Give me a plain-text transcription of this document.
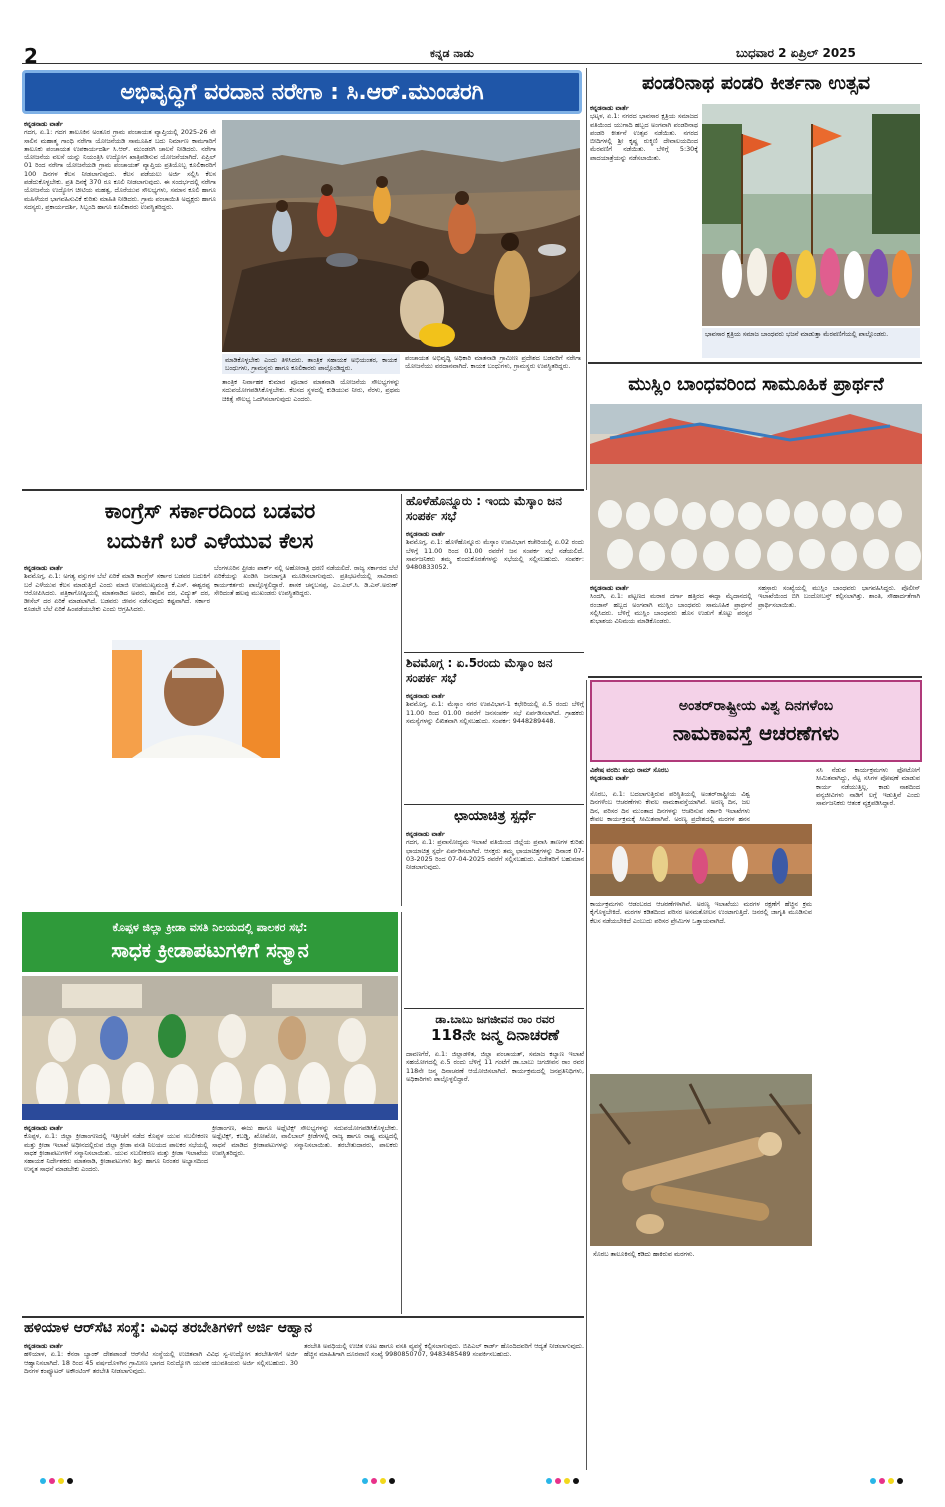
2	ಕನ್ನಡ ನಾಡು	ಬುಧವಾರ 2 ಏಪ್ರಿಲ್ 2025
ಅಭಿವೃದ್ಧಿಗೆ ವರದಾನ ನರೇಗಾ : ಸಿ.ಆರ್.ಮುಂಡರಗಿ
ಕನ್ನಡನಾಡು ವಾರ್ತೆ
ಗದಗ, ಏ.1: ಗದಗ ತಾಲೂಕಿನ ಅಂತೂರ ಗ್ರಾಮ ಪಂಚಾಯತ ವ್ಯಾಪ್ತಿಯಲ್ಲಿ 2025-26 ನೇ ಸಾಲಿನ ಮಹಾತ್ಮ ಗಾಂಧಿ ನರೇಗಾ ಯೋಜನೆಯಡಿ ಸಾಮೂಹಿಕ ಬದು ನಿರ್ಮಾಣ ಕಾಮಗಾರಿಗೆ ತಾಲೂಕು ಪಂಚಾಯತ ಉಪಕಾರ್ಯದರ್ಶಿ ಸಿ.ಆರ್. ಮುಂಡರಗಿ ಚಾಲನೆ ನೀಡಿದರು. ನರೇಗಾ ಯೋಜನೆಯ ವಲಸೆ ಯನ್ನು ನಿಯಂತ್ರಿಸಿ ಉದ್ಯೋಗ ಖಾತ್ರಿಪಡಿಸುವ ಯೋಜನೆಯಾಗಿದೆ. ಏಪ್ರಿಲ್ 01 ರಿಂದ ನರೇಗಾ ಯೋಜನೆಯಡಿ ಗ್ರಾಮ ಪಂಚಾಯತ್ ವ್ಯಾಪ್ತಿಯ ಪ್ರತಿಯೊಬ್ಬ ಕೂಲಿಕಾರರಿಗೆ 100 ದಿನಗಳ ಕೆಲಸ ನೀಡಲಾಗುವುದು. ಕೆಲಸ ಪಡೆಯಲು ಅರ್ಜಿ ಸಲ್ಲಿಸಿ ಕೆಲಸ ಪಡೆದುಕೊಳ್ಳಬೇಕು. ಪ್ರತಿ ದಿನಕ್ಕೆ 370 ರೂ ಕೂಲಿ ನೀಡಲಾಗುವುದು. ಈ ಸಂದರ್ಭದಲ್ಲಿ ನರೇಗಾ ಯೋಜನೆಯ ಉದ್ಯೋಗ ಚೀಟಿಯ ಮಹತ್ವ, ದೊರೆಯುವ ಸೌಲಭ್ಯಗಳು, ಸಮಾನ ಕೂಲಿ ಹಾಗೂ ಮಹಿಳೆಯರ ಭಾಗವಹಿಸುವಿಕೆ ಕುರಿತು ಮಾಹಿತಿ ನೀಡಿದರು. ಗ್ರಾಮ ಪಂಚಾಯಿತಿ ಅಧ್ಯಕ್ಷರು ಹಾಗೂ ಸದಸ್ಯರು, ಪ್ರಕಾರ್ಯದರ್ಶಿ, ಸಿಬ್ಬಂದಿ ಹಾಗೂ ಕೂಲಿಕಾರರು ಉಪಸ್ಥಿತರಿದ್ದರು.
ಮಾಡಿಕೊಳ್ಳಬೇಕು ಎಂದು ತಿಳಿಸಿದರು. ತಾಂತ್ರಿಕ ಸಹಾಯಕ ಅಭಿಯಂತರ, ಕಾಯಕ ಬಂಧುಗಳು, ಗ್ರಾಮಸ್ಥರು ಹಾಗೂ ಕೂಲಿಕಾರರು ಪಾಲ್ಗೊಂಡಿದ್ದರು.
ತಾಂತ್ರಿಕ ನಿರ್ವಾಹಕ ಕುಮಾರ ಪೂಜಾರ ಮಾತನಾಡಿ ಯೋಜನೆಯ ಸೌಲಭ್ಯಗಳನ್ನು ಸದುಪಯೋಗಪಡಿಸಿಕೊಳ್ಳಬೇಕು. ಕೆಲಸದ ಸ್ಥಳದಲ್ಲಿ ಕುಡಿಯುವ ನೀರು, ನೆರಳು, ಪ್ರಥಮ ಚಿಕಿತ್ಸೆ ಸೌಲಭ್ಯ ಒದಗಿಸಲಾಗುವುದು ಎಂದರು.
ಪಂಚಾಯತ ಅಭಿವೃದ್ಧಿ ಅಧಿಕಾರಿ ಮಾತನಾಡಿ ಗ್ರಾಮೀಣ ಪ್ರದೇಶದ ಬಡವರಿಗೆ ನರೇಗಾ ಯೋಜನೆಯು ವರದಾನವಾಗಿದೆ. ಕಾಯಕ ಬಂಧುಗಳು, ಗ್ರಾಮಸ್ಥರು ಉಪಸ್ಥಿತರಿದ್ದರು.
ಪಂಡರಿನಾಥ ಪಂಡರಿ ಕೀರ್ತನಾ ಉತ್ಸವ
ಕನ್ನಡನಾಡು ವಾರ್ತೆ
ಭಟ್ಕಳ, ಏ.1: ನಗರದ ಭಾವಸಾರ ಕ್ಷತ್ರಿಯ ಸಮಾಜದ ವತಿಯಿಂದ ಯುಗಾದಿ ಹಬ್ಬದ ಅಂಗವಾಗಿ ಪಂಡರಿನಾಥ ಪಂಡರಿ ಕೀರ್ತನೆ ಉತ್ಸವ ನಡೆಯಿತು. ನಗರದ ಬೀದಿಗಳಲ್ಲಿ ಶ್ರೀ ಕೃಷ್ಣ ರುಕ್ಮಿಣಿ ದೇವಾಲಯದಿಂದ ಮೆರವಣಿಗೆ ನಡೆಯಿತು. ಬೆಳಿಗ್ಗೆ 5:30ಕ್ಕೆ ಪಾದಯಾತ್ರೆಯನ್ನು ನಡೆಸಲಾಯಿತು.
ಭಾವಸಾರ ಕ್ಷತ್ರಿಯ ಸಮಾಜ ಬಾಂಧವರು ಭಜನೆ ಮಾಡುತ್ತಾ ಮೆರವಣಿಗೆಯಲ್ಲಿ ಪಾಲ್ಗೊಂಡರು.
ಮುಸ್ಲಿಂ ಬಾಂಧವರಿಂದ ಸಾಮೂಹಿಕ ಪ್ರಾರ್ಥನೆ
ಕನ್ನಡನಾಡು ವಾರ್ತೆ
ಸಿಂದಗಿ, ಏ.1: ಪಟ್ಟಣದ ಮರಾಠ ದರ್ಗಾ ಹತ್ತಿರದ ಈದ್ಗಾ ಮೈದಾನದಲ್ಲಿ ರಂಜಾನ್ ಹಬ್ಬದ ಅಂಗವಾಗಿ ಮುಸ್ಲಿಂ ಬಾಂಧವರು ಸಾಮೂಹಿಕ ಪ್ರಾರ್ಥನೆ ಸಲ್ಲಿಸಿದರು. ಬೆಳಿಗ್ಗೆ ಮುಸ್ಲಿಂ ಬಾಂಧವರು ಹೊಸ ಉಡುಗೆ ತೊಟ್ಟು ಪರಸ್ಪರ ಶುಭಾಶಯ ವಿನಿಮಯ ಮಾಡಿಕೊಂಡರು.
ಸಹಸ್ರಾರು ಸಂಖ್ಯೆಯಲ್ಲಿ ಮುಸ್ಲಿಂ ಬಾಂಧವರು ಭಾಗವಹಿಸಿದ್ದರು. ಪೊಲೀಸ್ ಇಲಾಖೆಯಿಂದ ಬಿಗಿ ಬಂದೋಬಸ್ತ್ ಕಲ್ಪಿಸಲಾಗಿತ್ತು. ಶಾಂತಿ, ಸೌಹಾರ್ದತೆಗಾಗಿ ಪ್ರಾರ್ಥಿಸಲಾಯಿತು.
ಕಾಂಗ್ರೆಸ್ ಸರ್ಕಾರದಿಂದ ಬಡವರ
ಬದುಕಿಗೆ ಬರೆ ಎಳೆಯುವ ಕೆಲಸ
ಕನ್ನಡನಾಡು ವಾರ್ತೆ
ಶಿವಮೊಗ್ಗ, ಏ.1: ಅಗತ್ಯ ವಸ್ತುಗಳ ಬೆಲೆ ಏರಿಕೆ ಮಾಡಿ ಕಾಂಗ್ರೆಸ್ ಸರ್ಕಾರ ಬಡವರ ಬದುಕಿಗೆ ಬರೆ ಎಳೆಯುವ ಕೆಲಸ ಮಾಡುತ್ತಿದೆ ಎಂದು ಮಾಜಿ ಉಪಮುಖ್ಯಮಂತ್ರಿ ಕೆ.ಎಸ್. ಈಶ್ವರಪ್ಪ ಆರೋಪಿಸಿದರು. ಪತ್ರಿಕಾಗೋಷ್ಠಿಯಲ್ಲಿ ಮಾತನಾಡಿದ ಅವರು, ಹಾಲಿನ ದರ, ವಿದ್ಯುತ್ ದರ, ಡೀಸೆಲ್ ದರ ಏರಿಕೆ ಮಾಡಲಾಗಿದೆ. ಬಡವರು ಜೀವನ ನಡೆಸುವುದು ಕಷ್ಟವಾಗಿದೆ. ಸರ್ಕಾರ ಕೂಡಲೇ ಬೆಲೆ ಏರಿಕೆ ಹಿಂಪಡೆಯಬೇಕು ಎಂದು ಆಗ್ರಹಿಸಿದರು.
ಬೆಂಗಳೂರಿನ ಫ್ರೀಡಂ ಪಾರ್ಕ್ ನಲ್ಲಿ ಅಹೋರಾತ್ರಿ ಧರಣಿ ನಡೆಯಲಿದೆ. ರಾಜ್ಯ ಸರ್ಕಾರದ ಬೆಲೆ ಏರಿಕೆಯನ್ನು ಖಂಡಿಸಿ ಜನಜಾಗೃತಿ ಮೂಡಿಸಲಾಗುವುದು. ಪ್ರತಿಭಟನೆಯಲ್ಲಿ ಸಾವಿರಾರು ಕಾರ್ಯಕರ್ತರು ಪಾಲ್ಗೊಳ್ಳಲಿದ್ದಾರೆ. ಶಾಸಕ ಚನ್ನಬಸಪ್ಪ, ಎಂ.ಎಲ್.ಸಿ. ಡಿ.ಎಸ್.ಅರುಣ್ ಸೇರಿದಂತೆ ಹಲವು ಮುಖಂಡರು ಉಪಸ್ಥಿತರಿದ್ದರು.
ಹೊಳೆಹೊನ್ನೂರು : ಇಂದು ಮೆಸ್ಕಾಂ ಜನ ಸಂಪರ್ಕ ಸಭೆ
ಕನ್ನಡನಾಡು ವಾರ್ತೆ
ಶಿವಮೊಗ್ಗ, ಏ.1: ಹೊಳೆಹೊನ್ನೂರು ಮೆಸ್ಕಾಂ ಉಪವಿಭಾಗ ಕಚೇರಿಯಲ್ಲಿ ಏ.02 ರಂದು ಬೆಳಿಗ್ಗೆ 11.00 ರಿಂದ 01.00 ರವರೆಗೆ ಜನ ಸಂಪರ್ಕ ಸಭೆ ನಡೆಯಲಿದೆ. ಸಾರ್ವಜನಿಕರು ತಮ್ಮ ಕುಂದುಕೊರತೆಗಳನ್ನು ಸಭೆಯಲ್ಲಿ ಸಲ್ಲಿಸಬಹುದು. ಸಂಪರ್ಕ: 9480833052.
ಶಿವಮೊಗ್ಗ : ಏ.5ರಂದು ಮೆಸ್ಕಾಂ ಜನ ಸಂಪರ್ಕ ಸಭೆ
ಕನ್ನಡನಾಡು ವಾರ್ತೆ
ಶಿವಮೊಗ್ಗ, ಏ.1: ಮೆಸ್ಕಾಂ ನಗರ ಉಪವಿಭಾಗ-1 ಕಛೇರಿಯಲ್ಲಿ ಏ.5 ರಂದು ಬೆಳಿಗ್ಗೆ 11.00 ರಿಂದ 01.00 ರವರೆಗೆ ಜನಸಂಪರ್ಕ ಸಭೆ ಏರ್ಪಡಿಸಲಾಗಿದೆ. ಗ್ರಾಹಕರು ಸಮಸ್ಯೆಗಳನ್ನು ಲಿಖಿತವಾಗಿ ಸಲ್ಲಿಸಬಹುದು. ಸಂಪರ್ಕ: 9448289448.
ಛಾಯಾಚಿತ್ರ ಸ್ಪರ್ಧೆ
ಕನ್ನಡನಾಡು ವಾರ್ತೆ
ಗದಗ, ಏ.1: ಪ್ರವಾಸೋದ್ಯಮ ಇಲಾಖೆ ವತಿಯಿಂದ ಜಿಲ್ಲೆಯ ಪ್ರವಾಸಿ ತಾಣಗಳ ಕುರಿತು ಛಾಯಾಚಿತ್ರ ಸ್ಪರ್ಧೆ ಏರ್ಪಡಿಸಲಾಗಿದೆ. ಆಸಕ್ತರು ತಮ್ಮ ಛಾಯಾಚಿತ್ರಗಳನ್ನು ದಿನಾಂಕ 07-03-2025 ರಿಂದ 07-04-2025 ರವರೆಗೆ ಸಲ್ಲಿಸಬಹುದು. ವಿಜೇತರಿಗೆ ಬಹುಮಾನ ನೀಡಲಾಗುವುದು.
ಡಾ.ಬಾಬು ಜಗಜೀವನ ರಾಂ ರವರ
118ನೇ ಜನ್ಮ ದಿನಾಚರಣೆ
ದಾವಣಗೆರೆ, ಏ.1: ಜಿಲ್ಲಾಡಳಿತ, ಜಿಲ್ಲಾ ಪಂಚಾಯತ್, ಸಮಾಜ ಕಲ್ಯಾಣ ಇಲಾಖೆ ಸಹಯೋಗದಲ್ಲಿ ಏ.5 ರಂದು ಬೆಳಿಗ್ಗೆ 11 ಗಂಟೆಗೆ ಡಾ.ಬಾಬು ಜಗಜೀವನ ರಾಂ ರವರ 118ನೇ ಜನ್ಮ ದಿನಾಚರಣೆ ಆಯೋಜಿಸಲಾಗಿದೆ. ಕಾರ್ಯಕ್ರಮದಲ್ಲಿ ಜನಪ್ರತಿನಿಧಿಗಳು, ಅಧಿಕಾರಿಗಳು ಪಾಲ್ಗೊಳ್ಳಲಿದ್ದಾರೆ.
ಕೊಪ್ಪಳ ಜಿಲ್ಲಾ ಕ್ರೀಡಾ ವಸತಿ ನಿಲಯದಲ್ಲಿ ಪಾಲಕರ ಸಭೆ:
ಸಾಧಕ ಕ್ರೀಡಾಪಟುಗಳಿಗೆ ಸನ್ಮಾನ
ಕನ್ನಡನಾಡು ವಾರ್ತೆ
ಕೊಪ್ಪಳ, ಏ.1: ಜಿಲ್ಲಾ ಕ್ರೀಡಾಂಗಣದಲ್ಲಿ ಇತ್ತೀಚೆಗೆ ನಡೆದ ಕೊಪ್ಪಳ ಯುವ ಸಬಲೀಕರಣ ಮತ್ತು ಕ್ರೀಡಾ ಇಲಾಖೆ ಅಧೀನದಲ್ಲಿರುವ ಜಿಲ್ಲಾ ಕ್ರೀಡಾ ವಸತಿ ನಿಲಯದ ಪಾಲಕರ ಸಭೆಯಲ್ಲಿ ಸಾಧಕ ಕ್ರೀಡಾಪಟುಗಳಿಗೆ ಸನ್ಮಾನಿಸಲಾಯಿತು. ಯುವ ಸಬಲೀಕರಣ ಮತ್ತು ಕ್ರೀಡಾ ಇಲಾಖೆಯ ಸಹಾಯಕ ನಿರ್ದೇಶಕರು ಮಾತನಾಡಿ, ಕ್ರೀಡಾಪಟುಗಳು ಶಿಸ್ತು ಹಾಗೂ ನಿರಂತರ ಅಭ್ಯಾಸದಿಂದ ಉನ್ನತ ಸಾಧನೆ ಮಾಡಬೇಕು ಎಂದರು.
ಕ್ರೀಡಾಂಗಣ, ಈಜು ಹಾಗೂ ಅಥ್ಲೆಟಿಕ್ಸ್ ಸೌಲಭ್ಯಗಳನ್ನು ಸದುಪಯೋಗಪಡಿಸಿಕೊಳ್ಳಬೇಕು. ಅಥ್ಲೆಟಿಕ್ಸ್, ಕಬಡ್ಡಿ, ಖೋಖೋ, ವಾಲಿಬಾಲ್ ಕ್ರೀಡೆಗಳಲ್ಲಿ ರಾಜ್ಯ ಹಾಗೂ ರಾಷ್ಟ್ರ ಮಟ್ಟದಲ್ಲಿ ಸಾಧನೆ ಮಾಡಿದ ಕ್ರೀಡಾಪಟುಗಳನ್ನು ಸನ್ಮಾನಿಸಲಾಯಿತು. ತರಬೇತುದಾರರು, ಪಾಲಕರು ಉಪಸ್ಥಿತರಿದ್ದರು.
ಹಳಿಯಾಳ ಆರ್‌ಸೆಟಿ ಸಂಸ್ಥೆ: ವಿವಿಧ ತರಬೇತಿಗಳಿಗೆ ಅರ್ಜಿ ಆಹ್ವಾನ
ಕನ್ನಡನಾಡು ವಾರ್ತೆ
ಹಳಿಯಾಳ, ಏ.1: ಕೆನರಾ ಬ್ಯಾಂಕ್ ದೇಶಪಾಂಡೆ ಆರ್‌ಸೆಟಿ ಸಂಸ್ಥೆಯಲ್ಲಿ ಉಚಿತವಾಗಿ ವಿವಿಧ ಸ್ವ-ಉದ್ಯೋಗ ತರಬೇತಿಗಳಿಗೆ ಅರ್ಜಿ ಆಹ್ವಾನಿಸಲಾಗಿದೆ. 18 ರಿಂದ 45 ವರ್ಷದೊಳಗಿನ ಗ್ರಾಮೀಣ ಭಾಗದ ನಿರುದ್ಯೋಗಿ ಯುವಕ ಯುವತಿಯರು ಅರ್ಜಿ ಸಲ್ಲಿಸಬಹುದು. 30 ದಿನಗಳ ಕಂಪ್ಯೂಟರ್ ಅಕೌಂಟಿಂಗ್ ತರಬೇತಿ ನೀಡಲಾಗುವುದು.
ತರಬೇತಿ ಅವಧಿಯಲ್ಲಿ ಉಚಿತ ಊಟ ಹಾಗೂ ವಸತಿ ವ್ಯವಸ್ಥೆ ಕಲ್ಪಿಸಲಾಗುವುದು. ಬಿಪಿಎಲ್ ಕಾರ್ಡ್ ಹೊಂದಿದವರಿಗೆ ಆದ್ಯತೆ ನೀಡಲಾಗುವುದು. ಹೆಚ್ಚಿನ ಮಾಹಿತಿಗಾಗಿ ದೂರವಾಣಿ ಸಂಖ್ಯೆ 9980850707, 9483485489 ಸಂಪರ್ಕಿಸಬಹುದು.
ಅಂತರ್‌ರಾಷ್ಟ್ರೀಯ ವಿಶ್ವ ದಿನಗಳೆಂಬ
ನಾಮಕಾವಸ್ತೆ ಆಚರಣೆಗಳು
ವಿಶೇಷ ವರದಿ: ಮಧು ರಾಮ್ ಸೊರಬ
ಕನ್ನಡನಾಡು ವಾರ್ತೆ
ಸೊರಬ, ಏ.1: ಬದಲಾಗುತ್ತಿರುವ ಪರಿಸ್ಥಿತಿಯಲ್ಲಿ ಅಂತರ್‌ರಾಷ್ಟ್ರೀಯ ವಿಶ್ವ ದಿನಗಳೆಂಬ ಆಚರಣೆಗಳು ಕೇವಲ ನಾಮಕಾವಸ್ತೆಯಾಗಿವೆ. ಅರಣ್ಯ ದಿನ, ಜಲ ದಿನ, ಪರಿಸರ ದಿನ ಮುಂತಾದ ದಿನಗಳನ್ನು ಆಚರಿಸುವ ಸರ್ಕಾರಿ ಇಲಾಖೆಗಳು ಕೇವಲ ಕಾರ್ಯಕ್ರಮಕ್ಕೆ ಸೀಮಿತವಾಗಿವೆ. ಅರಣ್ಯ ಪ್ರದೇಶದಲ್ಲಿ ಮರಗಳ ಹನನ
ಕಾರ್ಯಕ್ರಮಗಳು ಆಡಂಬರದ ಆಚರಣೆಗಳಾಗಿವೆ. ಅರಣ್ಯ ಇಲಾಖೆಯು ಮರಗಳ ರಕ್ಷಣೆಗೆ ಹೆಚ್ಚಿನ ಕ್ರಮ ಕೈಗೊಳ್ಳಬೇಕಿದೆ. ಮರಗಳ ಕಡಿತದಿಂದ ಪರಿಸರ ಅಸಮತೋಲನ ಉಂಟಾಗುತ್ತಿದೆ. ಜನರಲ್ಲಿ ಜಾಗೃತಿ ಮೂಡಿಸುವ ಕೆಲಸ ನಡೆಯಬೇಕಿದೆ ಎಂಬುದು ಪರಿಸರ ಪ್ರೇಮಿಗಳ ಒತ್ತಾಯವಾಗಿದೆ.
ಸಸಿ ನೆಡುವ ಕಾರ್ಯಕ್ರಮಗಳು ಫೋಟೋಗೆ ಸೀಮಿತವಾಗಿದ್ದು, ನೆಟ್ಟ ಸಸಿಗಳ ಪೋಷಣೆ ಮಾಡುವ ಕಾರ್ಯ ನಡೆಯುತ್ತಿಲ್ಲ. ಕಾಡು ನಾಶದಿಂದ ವನ್ಯಜೀವಿಗಳು ನಾಡಿಗೆ ಲಗ್ಗೆ ಇಡುತ್ತಿವೆ ಎಂದು ಸಾರ್ವಜನಿಕರು ಆತಂಕ ವ್ಯಕ್ತಪಡಿಸಿದ್ದಾರೆ.
ಸೊರಬ ತಾಲೂಕಿನಲ್ಲಿ ಕಡಿದು ಹಾಕಿರುವ ಮರಗಳು.
